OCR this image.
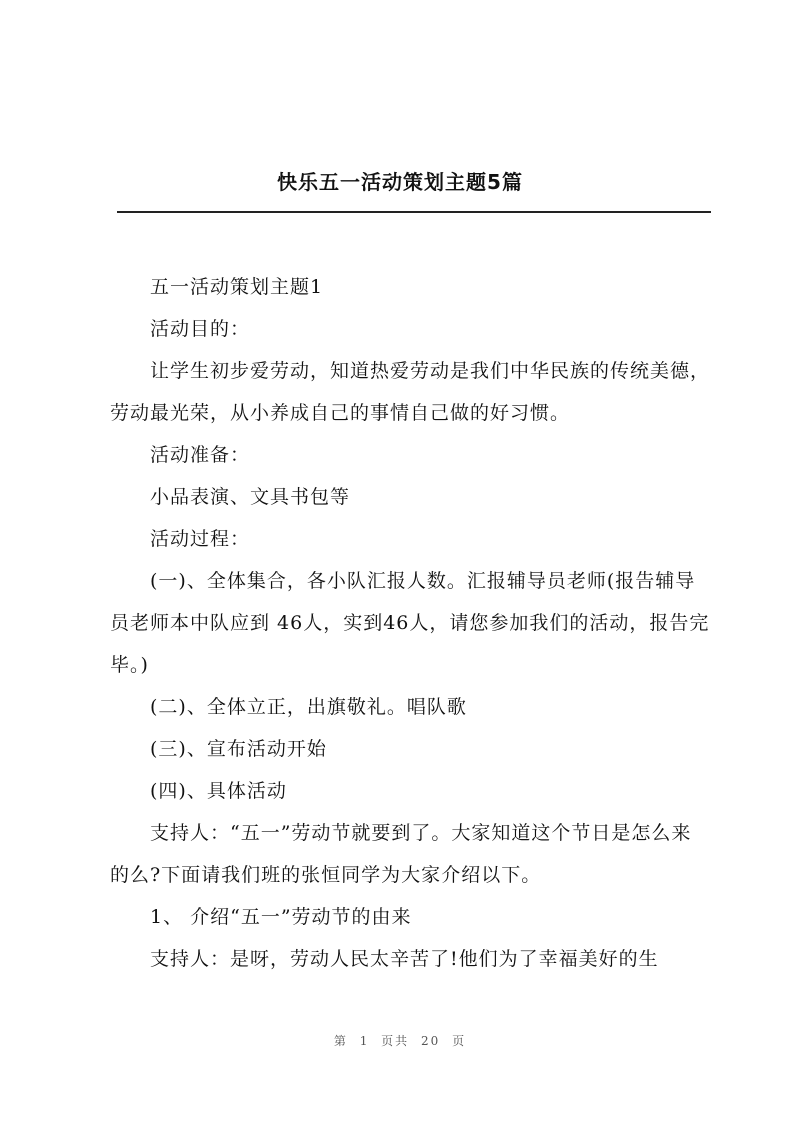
快乐五一活动策划主题5篇

五一活动策划主题1

活动目的：

让学生初步爱劳动，知道热爱劳动是我们中华民族的传统美德，劳动最光荣，从小养成自己的事情自己做的好习惯。

活动准备：

小品表演、文具书包等

活动过程：

(一)、全体集合，各小队汇报人数。汇报辅导员老师(报告辅导员老师本中队应到 46人，实到46人，请您参加我们的活动，报告完毕。)

(二)、全体立正，出旗敬礼。唱队歌

(三)、宣布活动开始

(四)、具体活动

支持人：“五一”劳动节就要到了。大家知道这个节日是怎么来的么?下面请我们班的张恒同学为大家介绍以下。

1、 介绍“五一”劳动节的由来

支持人：是呀，劳动人民太辛苦了!他们为了幸福美好的生

第 1 页共 20 页
